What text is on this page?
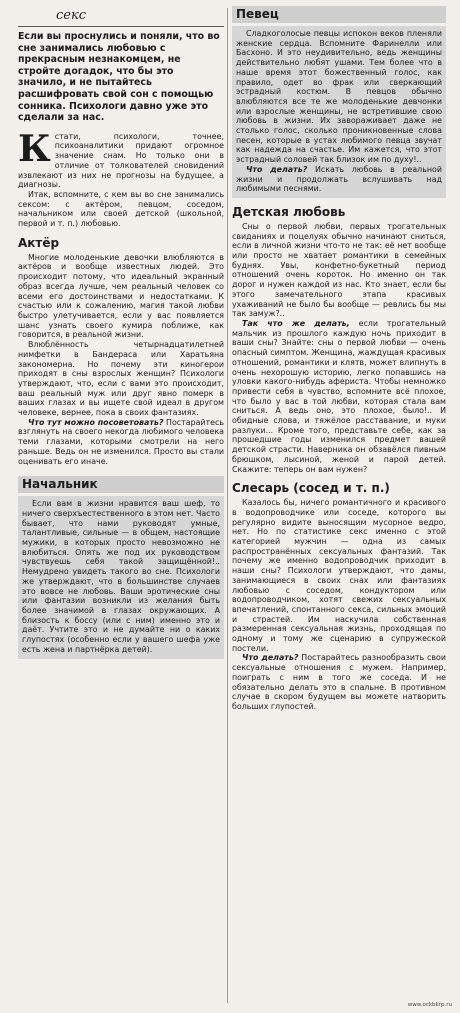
секс

Если вы проснулись и поняли, что во сне занимались любовью с прекрасным незнакомцем, не стройте догадок, что бы это значило, и не пытайтесь расшифровать свой сон с помощью сонника. Психологи давно уже это сделали за нас.

Кстати, психологи, точнее, психоаналитики придают огромное значение снам. Но только они в отличие от толкователей сновидений извлекают из них не прогнозы на будущее, а диагнозы.

Итак, вспомните, с кем вы во сне занимались сексом: с актёром, певцом, соседом, начальником или своей детской (школьной, первой и т. п.) любовью.

Актёр

Многие молоденькие девочки влюбляются в актёров и вообще известных людей. Это происходит потому, что идеальный экранный образ всегда лучше, чем реальный человек со всеми его достоинствами и недостатками. К счастью или к сожалению, магия такой любви быстро улетучивается, если у вас появляется шанс узнать своего кумира поближе, как говорится, в реальной жизни.

Влюблённость четырнадцатилетней нимфетки в Бандераса или Харатьяна закономерна. Но почему эти киногерои приходят в сны взрослых женщин? Психологи утверждают, что, если с вами это происходит, ваш реальный муж или друг явно померк в ваших глазах и вы ищете свой идеал в другом человеке, вернее, пока в своих фантазиях.

Что тут можно посоветовать? Постарайтесь взглянуть на своего некогда любимого человека теми глазами, которыми смотрели на него раньше. Ведь он не изменился. Просто вы стали оценивать его иначе.

Начальник

Если вам в жизни нравится ваш шеф, то ничего сверхъестественного в этом нет. Часто бывает, что нами руководят умные, талантливые, сильные — в общем, настоящие мужики, в которых просто невозможно не влюбиться. Опять же под их руководством чувствуешь себя такой защищённой!.. Немудрено увидеть такого во сне. Психологи же утверждают, что в большинстве случаев это вовсе не любовь. Ваши эротические сны или фантазии возникли из желания быть более значимой в глазах окружающих. А близость к боссу (или с ним) именно это и даёт. Учтите это и не думайте ни о каких глупостях (особенно если у вашего шефа уже есть жена и партнёрка детей).

Певец

Сладкоголосые певцы испокон веков пленяли женские сердца. Вспомните Фаринелли или Басхоно. И это неудивительно, ведь женщины действительно любят ушами. Тем более что в наше время этот божественный голос, как правило, одет во фрак или сверкающий эстрадный костюм. В певцов обычно влюбляются все те же молоденькие девчонки или взрослые женщины, не встретившие свою любовь в жизни. Их завораживает даже не столько голос, сколько проникновенные слова песен, которые в устах любимого певца звучат как надежда на счастье. Им кажется, что этот эстрадный соловей так близок им по духу!..

Что делать? Искать любовь в реальной жизни и продолжать вслушивать над любимыми песнями.

Детская любовь

Сны о первой любви, первых трогательных свиданиях и поцелуях обычно начинают сниться, если в личной жизни что-то не так: её нет вообще или просто не хватает романтики в семейных буднях. Увы, конфетно-букетный период отношений очень короток. Но именно он так дорог и нужен каждой из нас. Кто знает, если бы этого замечательного этапа красивых ухаживаний не было бы вообще — ревлись бы мы так замуж?..

Так что же делать, если трогательный мальчик из прошлого каждую ночь приходит в ваши сны? Знайте: сны о первой любви — очень опасный симптом. Женщина, жаждущая красивых отношений, романтики и клятв, может влипнуть в очень нехорошую историю, легко попавшись на уловки какого-нибудь афериста. Чтобы немножко привести себя в чувство, вспомните всё плохое, что было у вас в той любви, которая стала вам сниться. А ведь оно, это плохое, было!.. И обидные слова, и тяжёлое расставание, и муки разлуки... Кроме того, представьте себе, как за прошедшие годы изменился предмет вашей детской страсти. Наверника он обзавёлся пивным брюшком, лысиной, женой и парой детей. Скажите: теперь он вам нужен?

Слесарь (сосед и т. п.)

Казалось бы, ничего романтичного и красивого в водопроводчике или соседе, которого вы регулярно видите выносящим мусорное ведро, нет. Но по статистике секс именно с этой категорией мужчин — одна из самых распространённых сексуальных фантазий. Так почему же именно водопроводчик приходит в наши сны? Психологи утверждают, что дамы, занимающиеся в своих снах или фантазиях любовью с соседом, кондуктором или водопроводчиком, хотят свежих сексуальных впечатлений, спонтанного секса, сильных эмоций и страстей. Им наскучила собственная размеренная сексуальная жизнь, проходящая по одному и тому же сценарию в супружеской постели.

Что делать? Постарайтесь разнообразить свои сексуальные отношения с мужем. Например, поиграть с ним в того же соседа. И не обязательно делать это в спальне. В противном случае в скором будущем вы можете натворить больших глупостей.

www.ockbkrp.ru
